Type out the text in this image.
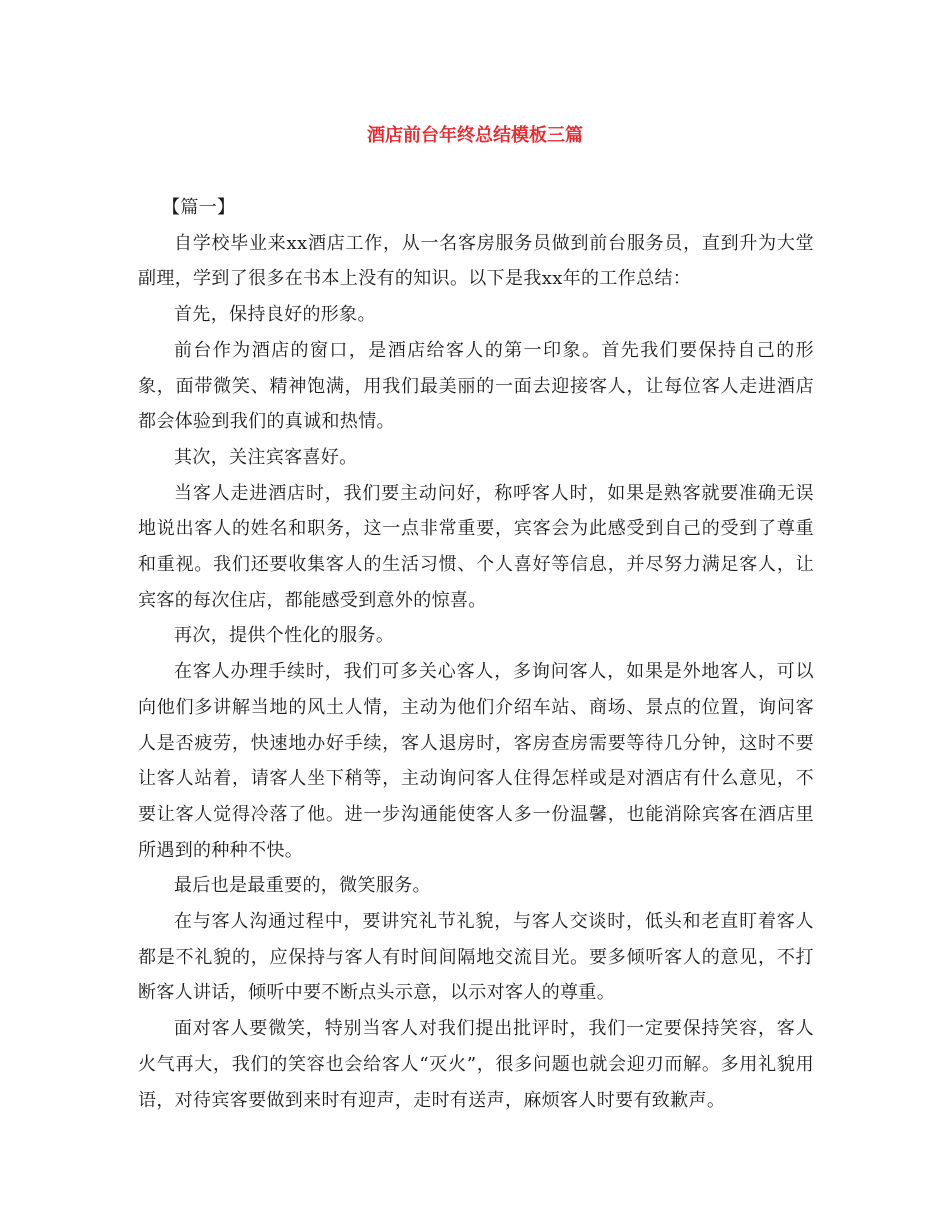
酒店前台年终总结模板三篇

【篇一】

自学校毕业来xx酒店工作，从一名客房服务员做到前台服务员，直到升为大堂副理，学到了很多在书本上没有的知识。以下是我xx年的工作总结：

首先，保持良好的形象。

前台作为酒店的窗口，是酒店给客人的第一印象。首先我们要保持自己的形象，面带微笑、精神饱满，用我们最美丽的一面去迎接客人，让每位客人走进酒店都会体验到我们的真诚和热情。

其次，关注宾客喜好。

当客人走进酒店时，我们要主动问好，称呼客人时，如果是熟客就要准确无误地说出客人的姓名和职务，这一点非常重要，宾客会为此感受到自己的受到了尊重和重视。我们还要收集客人的生活习惯、个人喜好等信息，并尽努力满足客人，让宾客的每次住店，都能感受到意外的惊喜。

再次，提供个性化的服务。

在客人办理手续时，我们可多关心客人，多询问客人，如果是外地客人，可以向他们多讲解当地的风土人情，主动为他们介绍车站、商场、景点的位置，询问客人是否疲劳，快速地办好手续，客人退房时，客房查房需要等待几分钟，这时不要让客人站着，请客人坐下稍等，主动询问客人住得怎样或是对酒店有什么意见，不要让客人觉得冷落了他。进一步沟通能使客人多一份温馨，也能消除宾客在酒店里所遇到的种种不快。

最后也是最重要的，微笑服务。

在与客人沟通过程中，要讲究礼节礼貌，与客人交谈时，低头和老直盯着客人都是不礼貌的，应保持与客人有时间间隔地交流目光。要多倾听客人的意见，不打断客人讲话，倾听中要不断点头示意，以示对客人的尊重。

面对客人要微笑，特别当客人对我们提出批评时，我们一定要保持笑容，客人火气再大，我们的笑容也会给客人“灭火”，很多问题也就会迎刃而解。多用礼貌用语，对待宾客要做到来时有迎声，走时有送声，麻烦客人时要有致歉声。
